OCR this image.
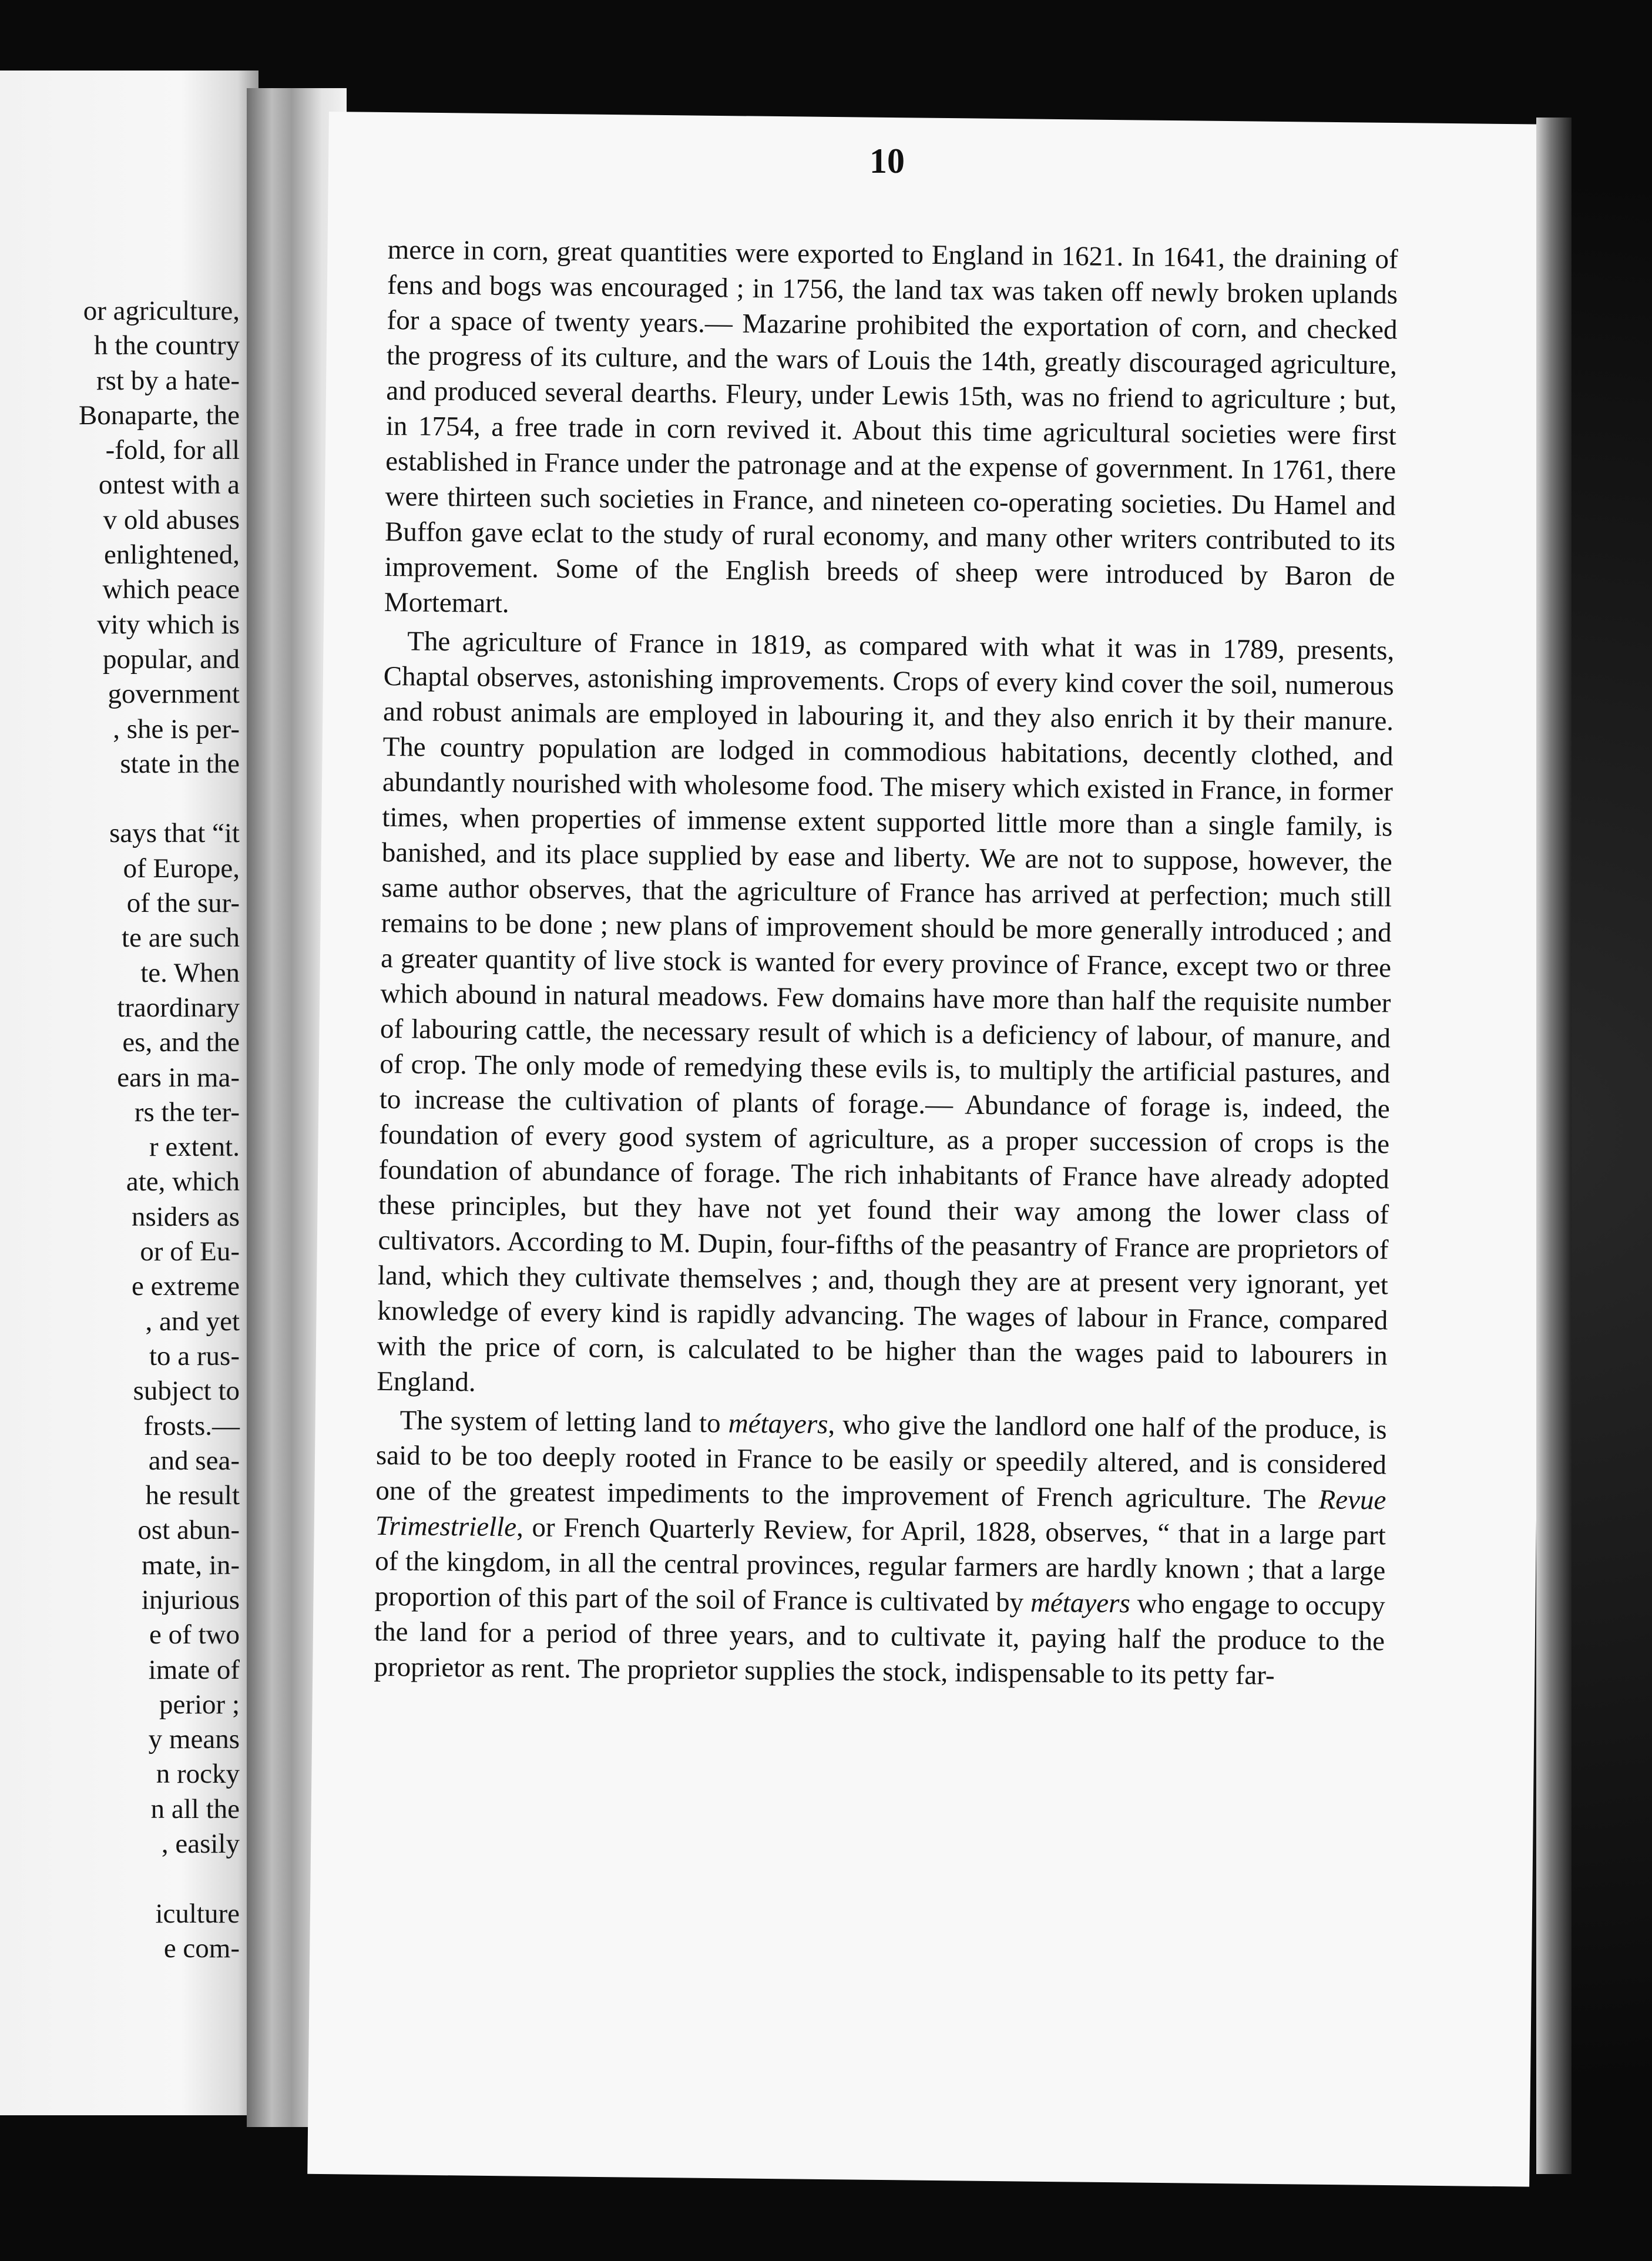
or agriculture,
h the country
rst by a hate-
Bonaparte, the
-fold, for all
ontest with a
v old abuses
enlightened,
which peace
vity which is
popular, and
government
, she is per-
state in the

says that “it
of Europe,
of the sur-
te are such
te. When
traordinary
es, and the
ears in ma-
rs the ter-
r extent.
ate, which
nsiders as
or of Eu-
e extreme
, and yet
to a rus-
subject to
frosts.—
and sea-
he result
ost abun-
mate, in-
injurious
e of two
imate of
perior ;
y means
n rocky
n all the
, easily

iculture
e com-
10

merce in corn, great quantities were exported to England in 1621. In 1641, the draining of fens and bogs was encouraged ; in 1756, the land tax was taken off newly broken uplands for a space of twenty years.— Mazarine prohibited the exportation of corn, and checked the progress of its culture, and the wars of Louis the 14th, greatly discouraged agriculture, and produced several dearths. Fleury, under Lewis 15th, was no friend to agriculture ; but, in 1754, a free trade in corn revived it. About this time agricultural societies were first established in France under the patronage and at the expense of government. In 1761, there were thirteen such societies in France, and nineteen co-operating societies. Du Hamel and Buffon gave eclat to the study of rural economy, and many other writers contributed to its improvement. Some of the English breeds of sheep were introduced by Baron de Mortemart.

The agriculture of France in 1819, as compared with what it was in 1789, presents, Chaptal observes, astonishing improvements. Crops of every kind cover the soil, numerous and robust animals are employed in labouring it, and they also enrich it by their manure. The country population are lodged in commodious habitations, decently clothed, and abundantly nourished with wholesome food. The misery which existed in France, in former times, when properties of immense extent supported little more than a single family, is banished, and its place supplied by ease and liberty. We are not to suppose, however, the same author observes, that the agriculture of France has arrived at perfection; much still remains to be done ; new plans of improvement should be more generally introduced ; and a greater quantity of live stock is wanted for every province of France, except two or three which abound in natural meadows. Few domains have more than half the requisite number of labouring cattle, the necessary result of which is a deficiency of labour, of manure, and of crop. The only mode of remedying these evils is, to multiply the artificial pastures, and to increase the cultivation of plants of forage.— Abundance of forage is, indeed, the foundation of every good system of agriculture, as a proper succession of crops is the foundation of abundance of forage. The rich inhabitants of France have already adopted these principles, but they have not yet found their way among the lower class of cultivators. According to M. Dupin, four-fifths of the peasantry of France are proprietors of land, which they cultivate themselves ; and, though they are at present very ignorant, yet knowledge of every kind is rapidly advancing. The wages of labour in France, compared with the price of corn, is calculated to be higher than the wages paid to labourers in England.

The system of letting land to métayers, who give the landlord one half of the produce, is said to be too deeply rooted in France to be easily or speedily altered, and is considered one of the greatest impediments to the improvement of French agriculture. The Revue Trimestrielle, or French Quarterly Review, for April, 1828, observes, “ that in a large part of the kingdom, in all the central provinces, regular farmers are hardly known ; that a large proportion of this part of the soil of France is cultivated by métayers who engage to occupy the land for a period of three years, and to cultivate it, paying half the produce to the proprietor as rent. The proprietor supplies the stock, indispensable to its petty far-
